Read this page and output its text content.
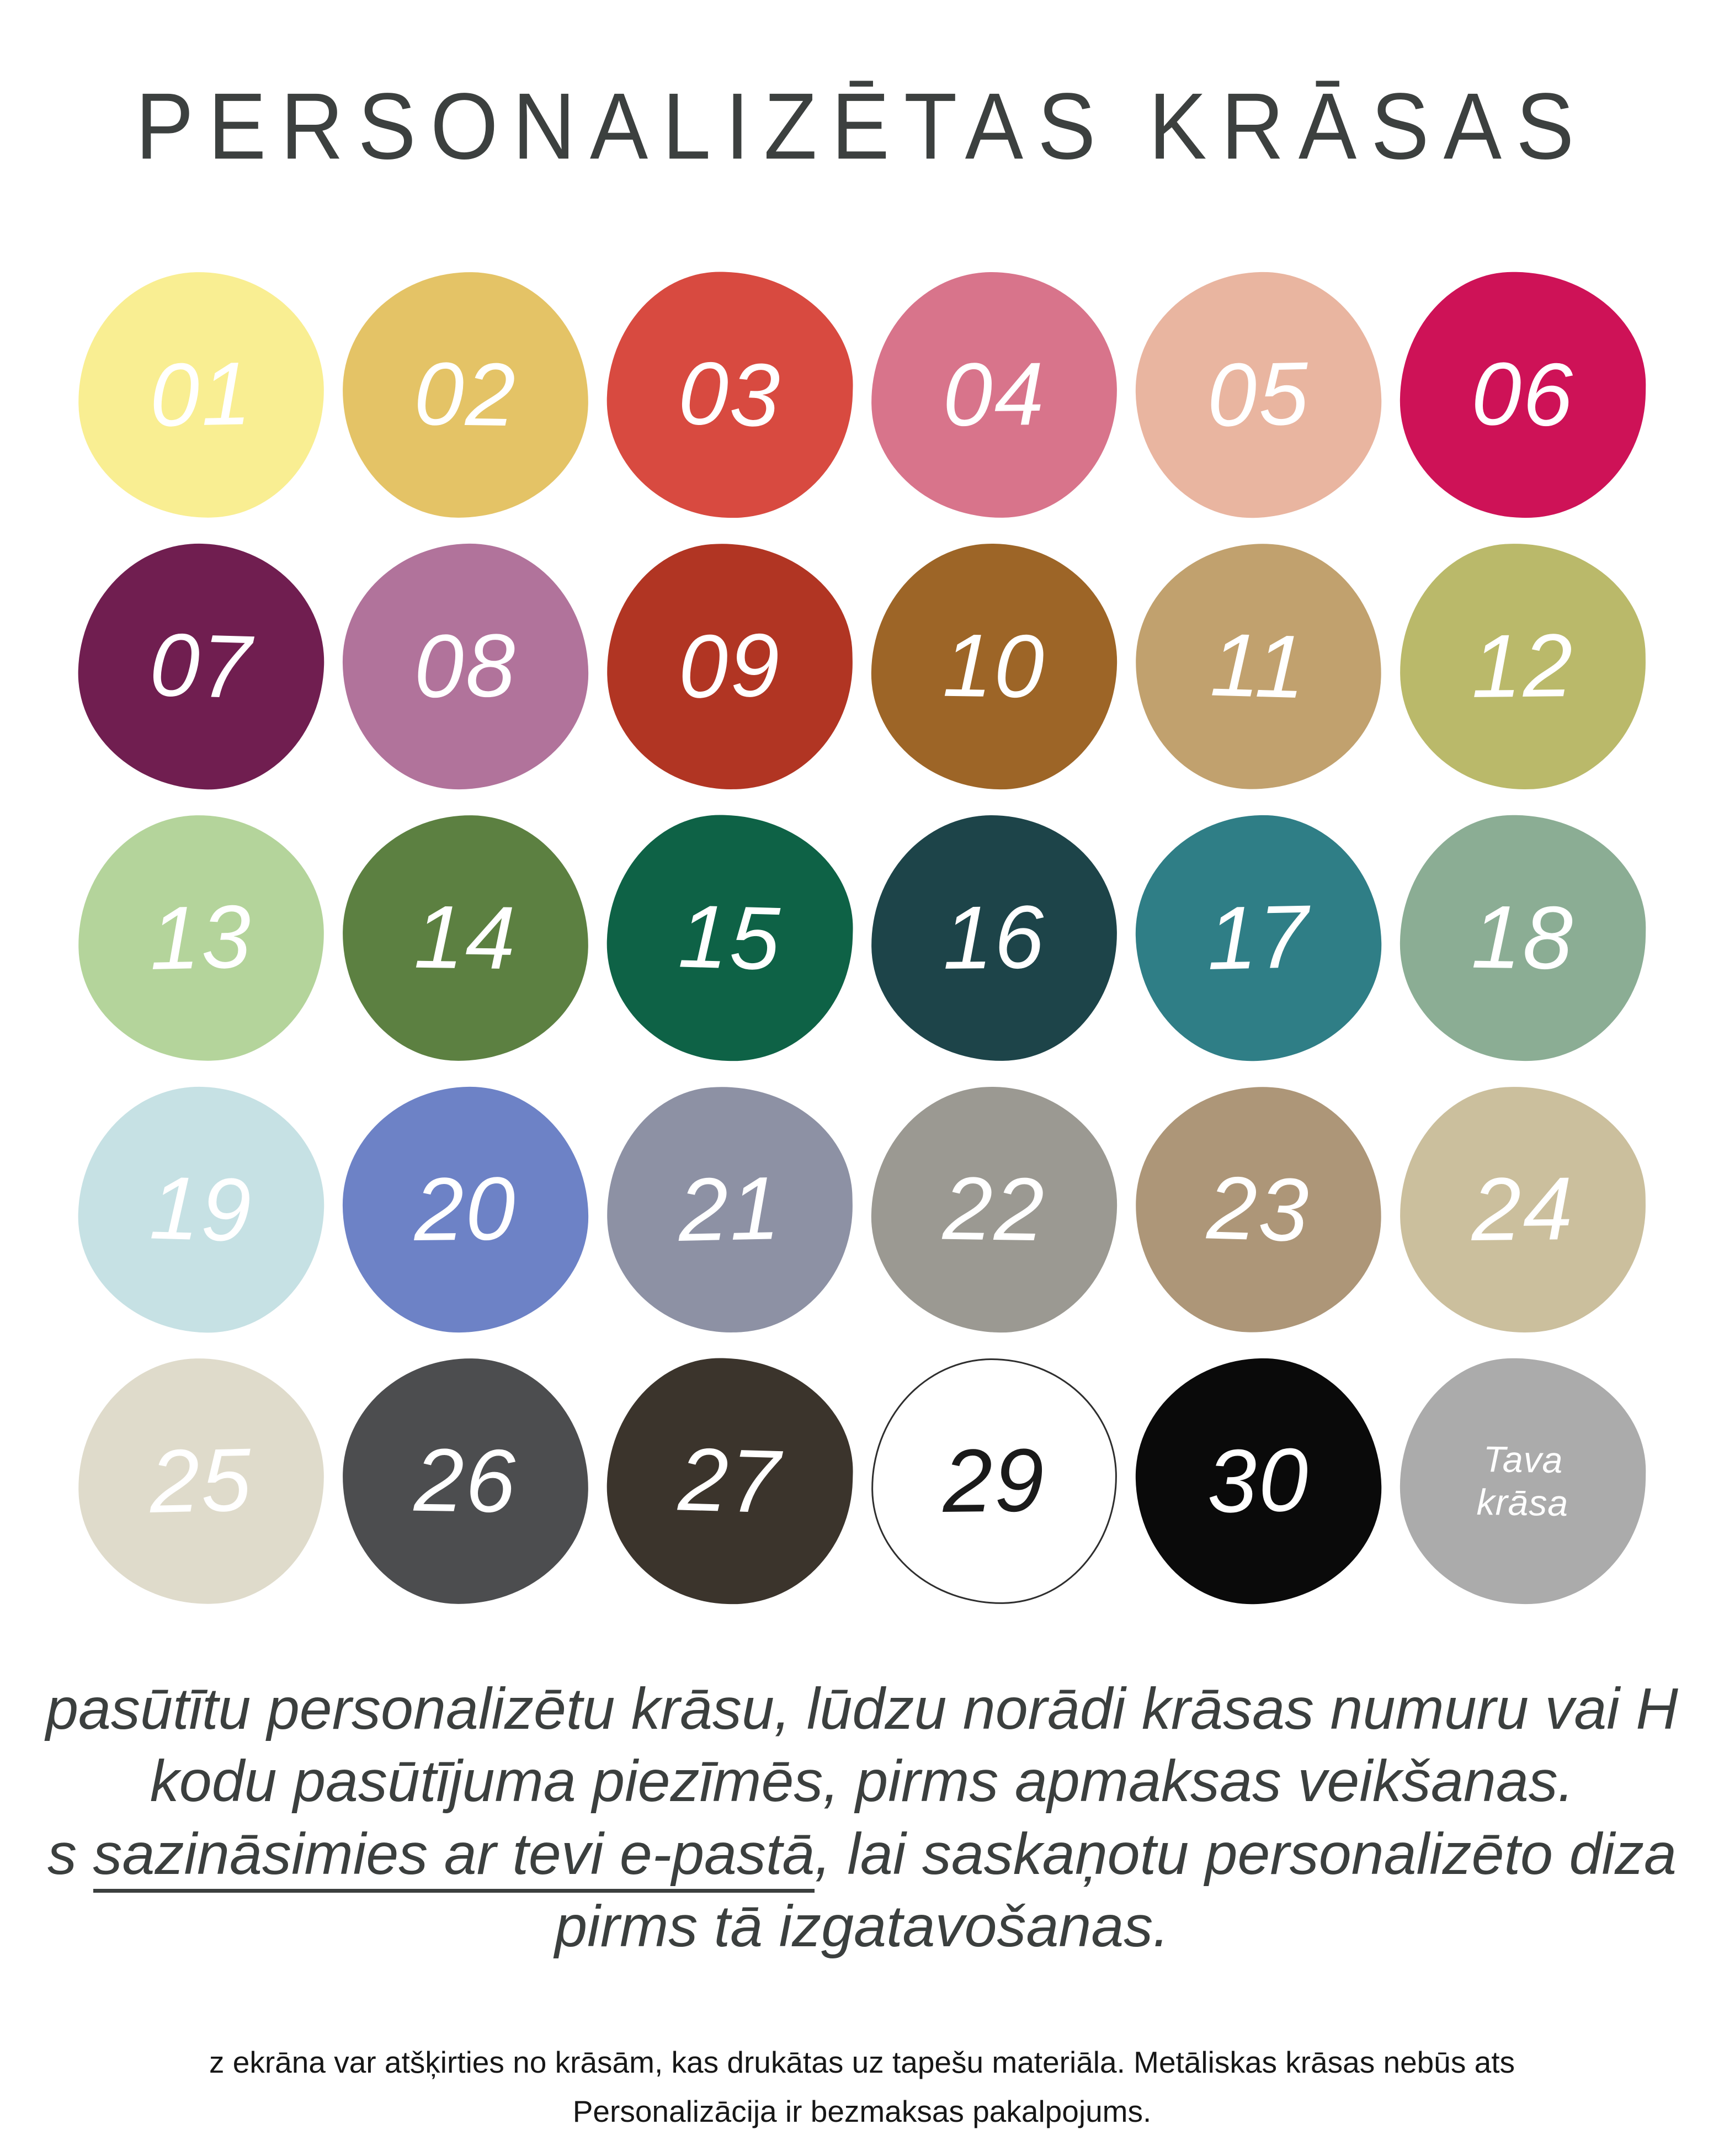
PERSONALIZĒTAS KRĀSAS
01 02 03 04 05 06
07 08 09 10 11 12
13 14 15 16 17 18
19 20 21 22 23 24
25 26 27 29 30	Tava
krāsa
pasūtītu personalizētu krāsu, lūdzu norādi krāsas numuru vai H
kodu pasūtījuma piezīmēs, pirms apmaksas veikšanas.
s sazināsimies ar tevi e-pastā, lai saskaņotu personalizēto diza
pirms tā izgatavošanas.
z ekrāna var atšķirties no krāsām, kas drukātas uz tapešu materiāla. Metāliskas krāsas nebūs ats
Personalizācija ir bezmaksas pakalpojums.
